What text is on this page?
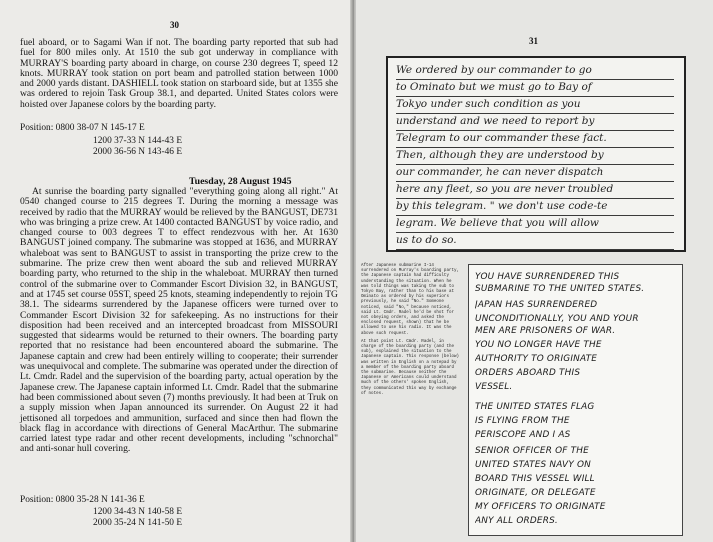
30

fuel aboard, or to Sagami Wan if not. The boarding party reported that sub had fuel for 800 miles only. At 1510 the sub got underway in compliance with MURRAY'S boarding party aboard in charge, on course 230 degrees T, speed 12 knots. MURRAY took station on port beam and patrolled station between 1000 and 2000 yards distant. DASHIELL took station on starboard side, but at 1355 she was ordered to rejoin Task Group 38.1, and departed. United States colors were hoisted over Japanese colors by the boarding party.

Position: 0800 38-07 N 145-17 E
1200 37-33 N 144-43 E
2000 36-56 N 143-46 E
Tuesday, 28 August 1945

At sunrise the boarding party signalled "everything going along all right." At 0540 changed course to 215 degrees T. During the morning a message was received by radio that the MURRAY would be relieved by the BANGUST, DE731 who was bringing a prize crew. At 1400 contacted BANGUST by voice radio, and changed course to 003 degrees T to effect rendezvous with her. At 1630 BANGUST joined company. The submarine was stopped at 1636, and MURRAY whaleboat was sent to BANGUST to assist in transporting the prize crew to the submarine. The prize crew then went aboard the sub and relieved MURRAY boarding party, who returned to the ship in the whaleboat. MURRAY then turned control of the submarine over to Commander Escort Division 32, in BANGUST, and at 1745 set course 05ST, speed 25 knots, steaming independently to rejoin TG 38.1. The sidearms surrendered by the Japanese officers were turned over to Commander Escort Division 32 for safekeeping. As no instructions for their disposition had been received and an intercepted broadcast from MISSOURI suggested that sidearms would be returned to their owners. The boarding party reported that no resistance had been encountered aboard the submarine. The Japanese captain and crew had been entirely willing to cooperate; their surrender was unequivocal and complete. The submarine was operated under the direction of Lt. Cmdr. Radel and the supervision of the boarding party, actual operation by the Japanese crew. The Japanese captain informed Lt. Cmdr. Radel that the submarine had been commissioned about seven (7) months previously. It had been at Truk on a supply mission when Japan announced its surrender. On August 22 it had jettisoned all torpedoes and ammunition, surfaced and since then had flown the black flag in accordance with directions of General MacArthur. The submarine carried latest type radar and other recent developments, including "schnorchal" and anti-sonar hull covering.

Position: 0800 35-28 N 141-36 E
1200 34-43 N 140-58 E
2000 35-24 N 141-50 E
31
We ordered by our commander to go
to Ominato but we must go to Bay of
Tokyo under such condition as you
understand and we need to report by
Telegram to our commander these fact.
Then, although they are understood by
our commander, he can never dispatch
here any fleet, so you are never troubled
by this telegram. " we don't use code-te
legram. We believe that you will allow
us to do so.

After Japanese submarine I-14 surrendered on Murray's boarding party, the Japanese captain had difficulty understanding the situation. When he was told things was taking the sub to Tokyo Bay, rather than to his base at Ominato as ordered by his superiors previously, he said "No." Someone noticed, said "No," because noticed, said Lt. Cmdr. Radel he'd be shot for not obeying orders, and asked the enclosed request, shown) that he be allowed to use his radio. It was the above such request.

At that point Lt. Cmdr. Radel, in charge of the boarding party (and the sub), explained the situation to the Japanese captain. This response (below) was written in English on a notepad by a member of the boarding party aboard the submarine. Because neither the Japanese or Americans could understand much of the others' spoken English, they communicated this way by exchange of notes.

YOU HAVE SURRENDERED THIS
SUBMARINE TO THE UNITED STATES.
JAPAN HAS SURRENDERED
UNCONDITIONALLY, YOU AND YOUR
MEN ARE PRISONERS OF WAR.
YOU NO LONGER HAVE THE
AUTHORITY TO ORIGINATE
ORDERS ABOARD THIS
VESSEL.
THE UNITED STATES FLAG
IS FLYING FROM THE
PERISCOPE AND I AS
SENIOR OFFICER OF THE
UNITED STATES NAVY ON
BOARD THIS VESSEL WILL
ORIGINATE, OR DELEGATE
MY OFFICERS TO ORIGINATE
ANY ALL ORDERS.
